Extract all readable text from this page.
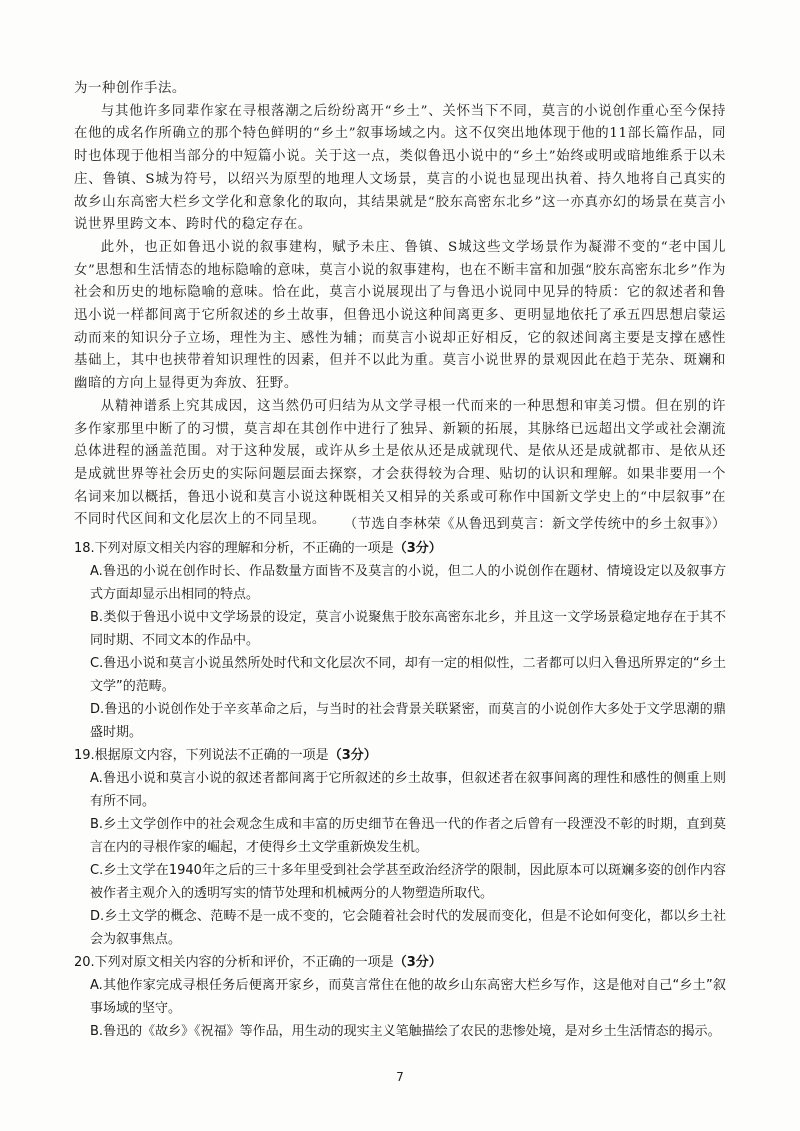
为一种创作手法。

与其他许多同辈作家在寻根落潮之后纷纷离开“乡土”、关怀当下不同，莫言的小说创作重心至今保持在他的成名作所确立的那个特色鲜明的“乡土”叙事场域之内。这不仅突出地体现于他的11部长篇作品，同时也体现于他相当部分的中短篇小说。关于这一点，类似鲁迅小说中的“乡土”始终或明或暗地维系于以未庄、鲁镇、S城为符号，以绍兴为原型的地理人文场景，莫言的小说也显现出执着、持久地将自己真实的故乡山东高密大栏乡文学化和意象化的取向，其结果就是“胶东高密东北乡”这一亦真亦幻的场景在莫言小说世界里跨文本、跨时代的稳定存在。

此外，也正如鲁迅小说的叙事建构，赋予未庄、鲁镇、S城这些文学场景作为凝滞不变的“老中国儿女”思想和生活情态的地标隐喻的意味，莫言小说的叙事建构，也在不断丰富和加强“胶东高密东北乡”作为社会和历史的地标隐喻的意味。恰在此，莫言小说展现出了与鲁迅小说同中见异的特质：它的叙述者和鲁迅小说一样都间离于它所叙述的乡土故事，但鲁迅小说这种间离更多、更明显地依托了承五四思想启蒙运动而来的知识分子立场，理性为主、感性为辅；而莫言小说却正好相反，它的叙述间离主要是支撑在感性基础上，其中也挟带着知识理性的因素，但并不以此为重。莫言小说世界的景观因此在趋于芜杂、斑斓和幽暗的方向上显得更为奔放、狂野。

从精神谱系上究其成因，这当然仍可归结为从文学寻根一代而来的一种思想和审美习惯。但在别的许多作家那里中断了的习惯，莫言却在其创作中进行了独异、新颖的拓展，其脉络已远超出文学或社会潮流总体进程的涵盖范围。对于这种发展，或许从乡土是依从还是成就现代、是依从还是成就都市、是依从还是成就世界等社会历史的实际问题层面去探察，才会获得较为合理、贴切的认识和理解。如果非要用一个名词来加以概括，鲁迅小说和莫言小说这种既相关又相异的关系或可称作中国新文学史上的“中层叙事”在不同时代区间和文化层次上的不同呈现。	（节选自李林荣《从鲁迅到莫言：新文学传统中的乡土叙事》）

18.下列对原文相关内容的理解和分析，不正确的一项是（3分）

A.鲁迅的小说在创作时长、作品数量方面皆不及莫言的小说，但二人的小说创作在题材、情境设定以及叙事方式方面却显示出相同的特点。

B.类似于鲁迅小说中文学场景的设定，莫言小说聚焦于胶东高密东北乡，并且这一文学场景稳定地存在于其不同时期、不同文本的作品中。

C.鲁迅小说和莫言小说虽然所处时代和文化层次不同，却有一定的相似性，二者都可以归入鲁迅所界定的“乡土文学”的范畴。

D.鲁迅的小说创作处于辛亥革命之后，与当时的社会背景关联紧密，而莫言的小说创作大多处于文学思潮的鼎盛时期。

19.根据原文内容，下列说法不正确的一项是（3分）

A.鲁迅小说和莫言小说的叙述者都间离于它所叙述的乡土故事，但叙述者在叙事间离的理性和感性的侧重上则有所不同。

B.乡土文学创作中的社会观念生成和丰富的历史细节在鲁迅一代的作者之后曾有一段湮没不彰的时期，直到莫言在内的寻根作家的崛起，才使得乡土文学重新焕发生机。

C.乡土文学在1940年之后的三十多年里受到社会学甚至政治经济学的限制，因此原本可以斑斓多姿的创作内容被作者主观介入的透明写实的情节处理和机械两分的人物塑造所取代。

D.乡土文学的概念、范畴不是一成不变的，它会随着社会时代的发展而变化，但是不论如何变化，都以乡土社会为叙事焦点。

20.下列对原文相关内容的分析和评价，不正确的一项是（3分）

A.其他作家完成寻根任务后便离开家乡，而莫言常住在他的故乡山东高密大栏乡写作，这是他对自己“乡土”叙事场域的坚守。

B.鲁迅的《故乡》《祝福》等作品，用生动的现实主义笔触描绘了农民的悲惨处境，是对乡土生活情态的揭示。

7
